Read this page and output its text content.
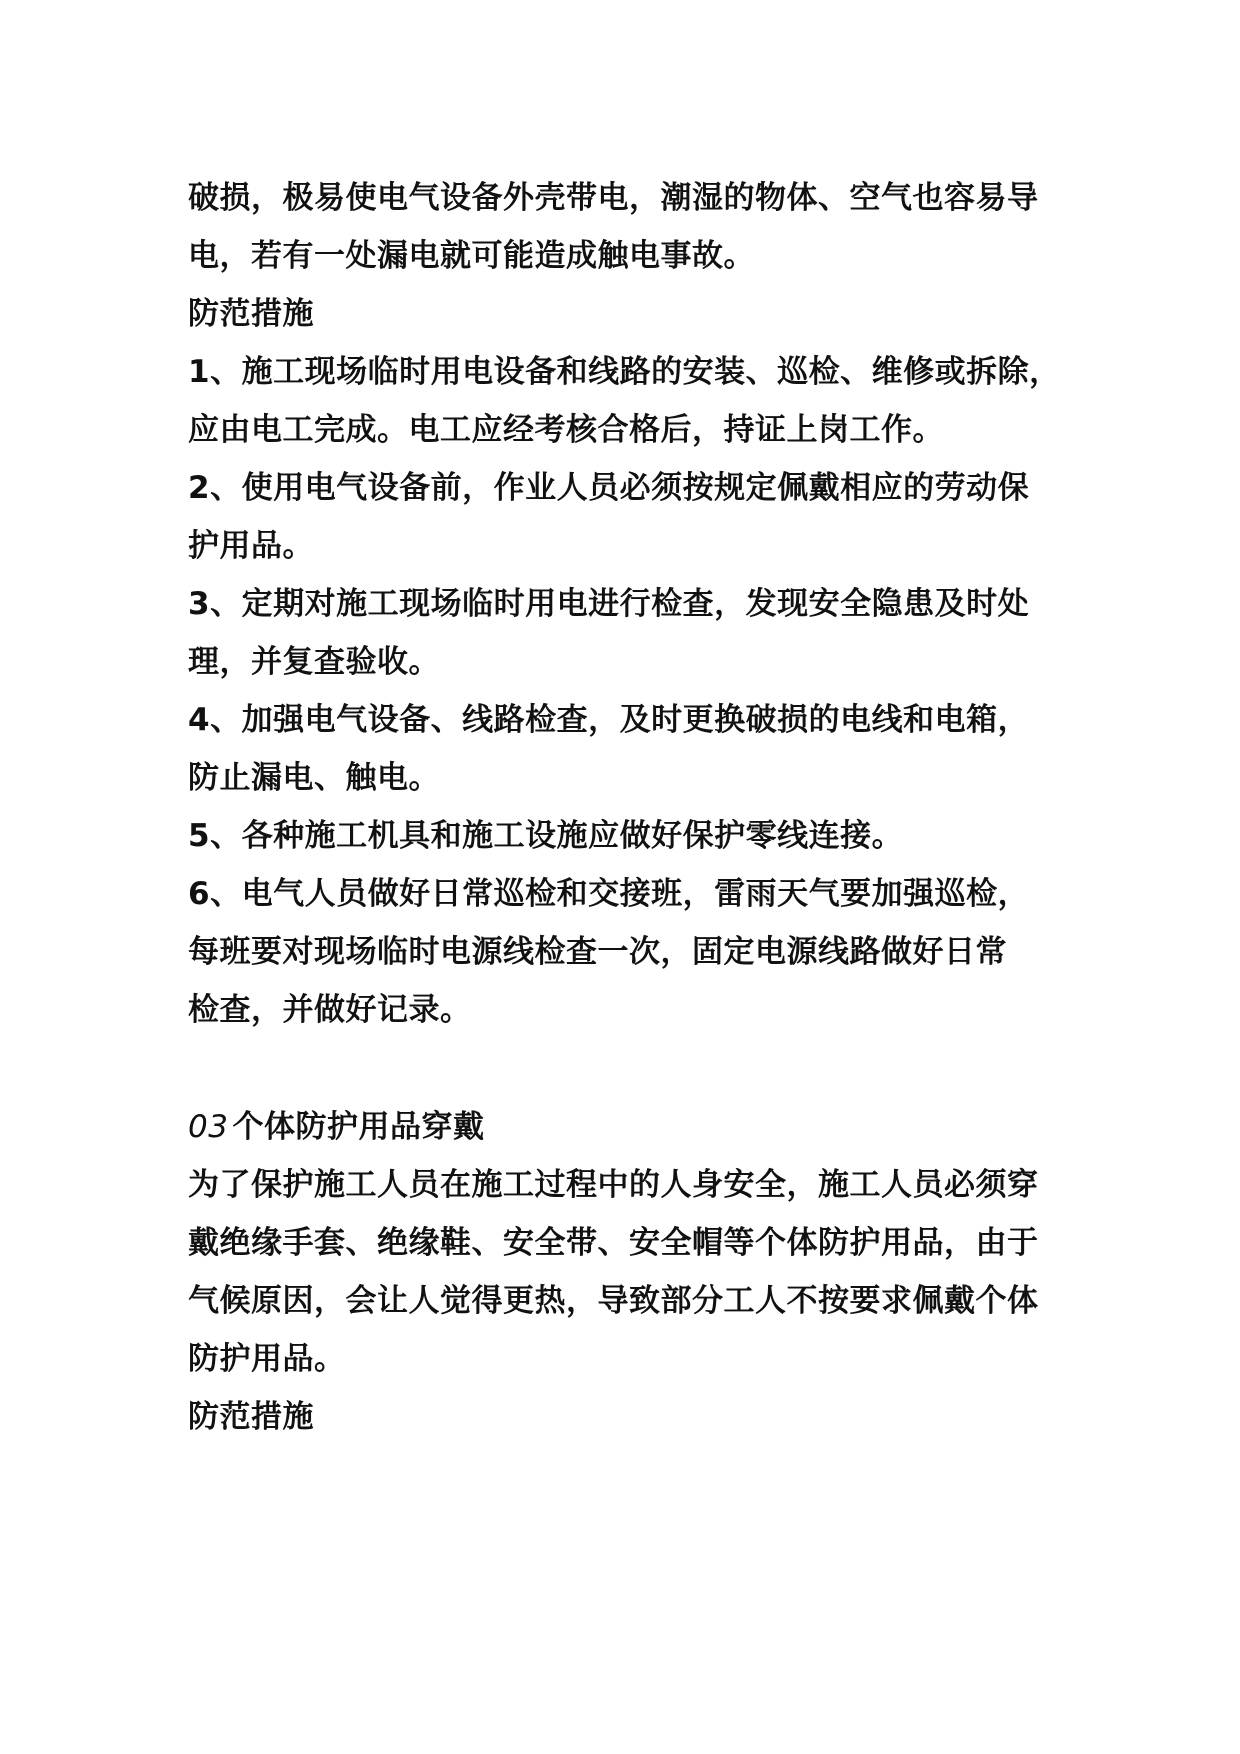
破损，极易使电气设备外壳带电，潮湿的物体、空气也容易导
电，若有一处漏电就可能造成触电事故。
防范措施
1、施工现场临时用电设备和线路的安装、巡检、维修或拆除，
应由电工完成。电工应经考核合格后，持证上岗工作。
2、使用电气设备前，作业人员必须按规定佩戴相应的劳动保
护用品。
3、定期对施工现场临时用电进行检查，发现安全隐患及时处
理，并复查验收。
4、加强电气设备、线路检查，及时更换破损的电线和电箱，
防止漏电、触电。
5、各种施工机具和施工设施应做好保护零线连接。
6、电气人员做好日常巡检和交接班，雷雨天气要加强巡检，
每班要对现场临时电源线检查一次，固定电源线路做好日常
检查，并做好记录。
03 个体防护用品穿戴
为了保护施工人员在施工过程中的人身安全，施工人员必须穿
戴绝缘手套、绝缘鞋、安全带、安全帽等个体防护用品，由于
气候原因，会让人觉得更热，导致部分工人不按要求佩戴个体
防护用品。
防范措施
